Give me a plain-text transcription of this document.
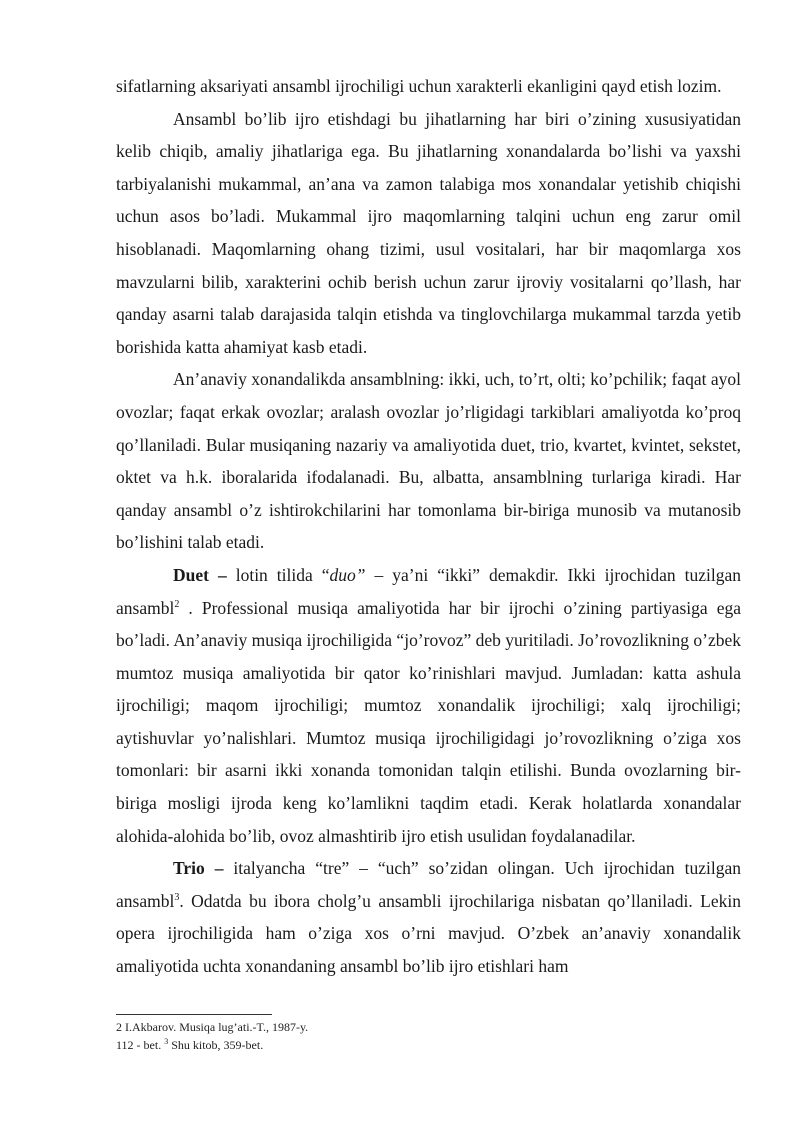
sifatlarning aksariyati ansambl ijrochiligi uchun xarakterli ekanligini qayd etish lozim.

Ansambl bo’lib ijro etishdagi bu jihatlarning har biri o’zining xususiyatidan kelib chiqib, amaliy jihatlariga ega. Bu jihatlarning xonandalarda bo’lishi va yaxshi tarbiyalanishi mukammal, an’ana va zamon talabiga mos xonandalar yetishib chiqishi uchun asos bo’ladi. Mukammal ijro maqomlarning talqini uchun eng zarur omil hisoblanadi. Maqomlarning ohang tizimi, usul vositalari, har bir maqomlarga xos mavzularni bilib, xarakterini ochib berish uchun zarur ijroviy vositalarni qo’llash, har qanday asarni talab darajasida talqin etishda va tinglovchilarga mukammal tarzda yetib borishida katta ahamiyat kasb etadi.

An’anaviy xonandalikda ansamblning: ikki, uch, to’rt, olti; ko’pchilik; faqat ayol ovozlar; faqat erkak ovozlar; aralash ovozlar jo’rligidagi tarkiblari amaliyotda ko’proq qo’llaniladi. Bular musiqaning nazariy va amaliyotida duet, trio, kvartet, kvintet, sekstet, oktet va h.k. iboralarida ifodalanadi. Bu, albatta, ansamblning turlariga kiradi. Har qanday ansambl o’z ishtirokchilarini har tomonlama bir-biriga munosib va mutanosib bo’lishini talab etadi.

Duet – lotin tilida “duo” – ya’ni “ikki” demakdir. Ikki ijrochidan tuzilgan ansambl$^2$ . Professional musiqa amaliyotida har bir ijrochi o’zining partiyasiga ega bo’ladi. An’anaviy musiqa ijrochiligida “jo’rovoz” deb yuritiladi. Jo’rovozlikning o’zbek mumtoz musiqa amaliyotida bir qator ko’rinishlari mavjud. Jumladan: katta ashula ijrochiligi; maqom ijrochiligi; mumtoz xonandalik ijrochiligi; xalq ijrochiligi; aytishuvlar yo’nalishlari. Mumtoz musiqa ijrochiligidagi jo’rovozlikning o’ziga xos tomonlari: bir asarni ikki xonanda tomonidan talqin etilishi. Bunda ovozlarning bir-biriga mosligi ijroda keng ko’lamlikni taqdim etadi. Kerak holatlarda xonandalar alohida-alohida bo’lib, ovoz almashtirib ijro etish usulidan foydalanadilar.

Trio – italyancha “tre” – “uch” so’zidan olingan. Uch ijrochidan tuzilgan ansambl$^3$. Odatda bu ibora cholg’u ansambli ijrochilariga nisbatan qo’llaniladi. Lekin opera ijrochiligida ham o’ziga xos o’rni mavjud. O’zbek an’anaviy xonandalik amaliyotida uchta xonandaning ansambl bo’lib ijro etishlari ham

2 I.Akbarov. Musiqa lug’ati.-T., 1987-y.
112 - bet. $^3$ Shu kitob, 359-bet.
